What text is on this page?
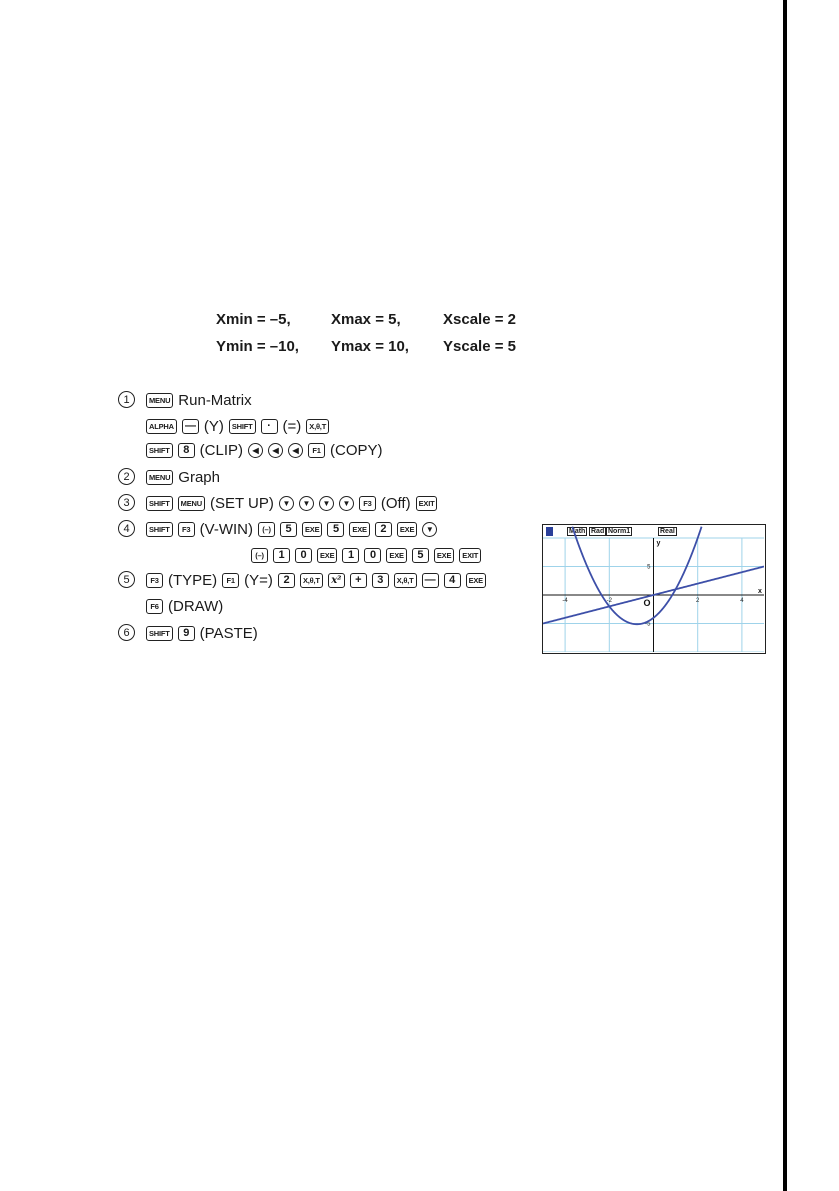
Xmin = –5,	Xmax = 5,	Xscale = 2
Ymin = –10, Ymax = 10, Yscale = 5
1	MENU Run-Matrix
ALPHA — (Y)	SHIFT	· (=)	X,θ,T
SHIFT	8 (CLIP)	◀	◀	◀	F1 (COPY)
2	MENU Graph
3	SHIFT	MENU (SET UP)	▼	▼	▼	▼	F3 (Off)	EXIT
4	SHIFT	F3 (V-WIN)	(–)	5	EXE	5	EXE	2	EXE	▼
(–)	1	0	EXE	1	0	EXE	5	EXE	EXIT
5	F3 (TYPE)	F1 (Y=) 2	X,θ,T	x²	+	3	X,θ,T —	4	EXE
F6 (DRAW)
6	SHIFT	9 (PASTE)
Math Rad Norm1	Real
-4	-2	2	4
5
-5
x
y
O
